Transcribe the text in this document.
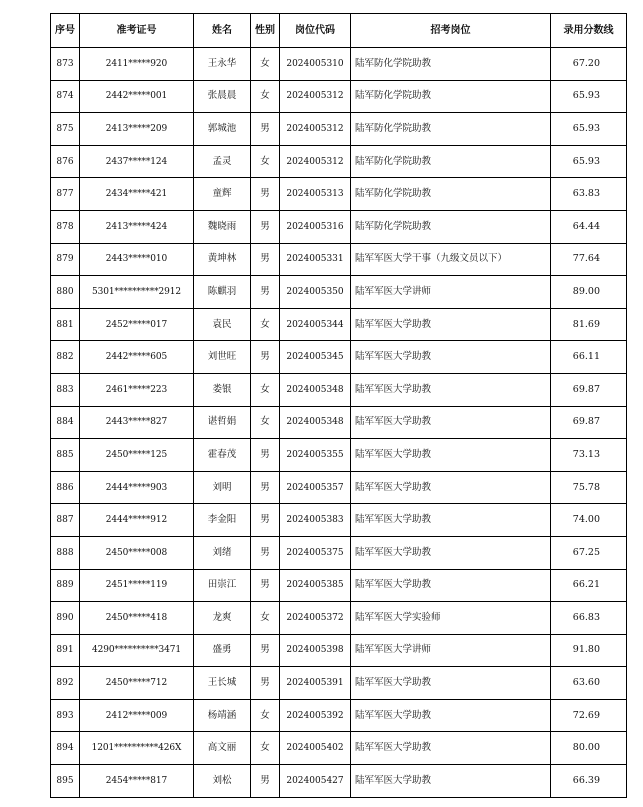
序号	准考证号	姓名	性别	岗位代码	招考岗位	录用分数线
873	2411*****920	王永华	女	2024005310	陆军防化学院助教	67.20
874	2442*****001	张晨晨	女	2024005312	陆军防化学院助教	65.93
875	2413*****209	郭城池	男	2024005312	陆军防化学院助教	65.93
876	2437*****124	孟灵	女	2024005312	陆军防化学院助教	65.93
877	2434*****421	童辉	男	2024005313	陆军防化学院助教	63.83
878	2413*****424	魏晓雨	男	2024005316	陆军防化学院助教	64.44
879	2443*****010	黄坤林	男	2024005331	陆军军医大学干事（九级文员以下）	77.64
880	5301**********2912	陈麒羽	男	2024005350	陆军军医大学讲师	89.00
881	2452*****017	袁民	女	2024005344	陆军军医大学助教	81.69
882	2442*****605	刘世旺	男	2024005345	陆军军医大学助教	66.11
883	2461*****223	娄银	女	2024005348	陆军军医大学助教	69.87
884	2443*****827	谌哲娟	女	2024005348	陆军军医大学助教	69.87
885	2450*****125	霍春茂	男	2024005355	陆军军医大学助教	73.13
886	2444*****903	刘明	男	2024005357	陆军军医大学助教	75.78
887	2444*****912	李金阳	男	2024005383	陆军军医大学助教	74.00
888	2450*****008	刘绪	男	2024005375	陆军军医大学助教	67.25
889	2451*****119	田崇江	男	2024005385	陆军军医大学助教	66.21
890	2450*****418	龙爽	女	2024005372	陆军军医大学实验师	66.83
891	4290**********3471	盛勇	男	2024005398	陆军军医大学讲师	91.80
892	2450*****712	王长城	男	2024005391	陆军军医大学助教	63.60
893	2412*****009	杨靖涵	女	2024005392	陆军军医大学助教	72.69
894	1201**********426X	高文丽	女	2024005402	陆军军医大学助教	80.00
895	2454*****817	刘松	男	2024005427	陆军军医大学助教	66.39
